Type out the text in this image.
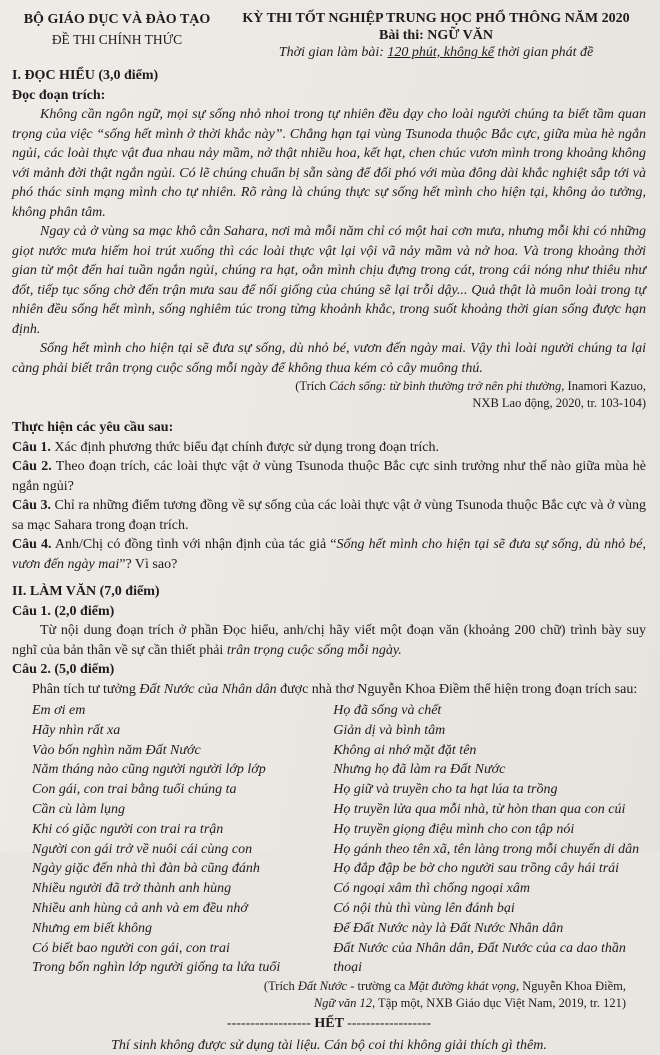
BỘ GIÁO DỤC VÀ ĐÀO TẠO
ĐỀ THI CHÍNH THỨC
KỲ THI TỐT NGHIỆP TRUNG HỌC PHỔ THÔNG NĂM 2020
Bài thi: NGỮ VĂN
Thời gian làm bài: 120 phút, không kể thời gian phát đề
I. ĐỌC HIỂU (3,0 điểm)
Đọc đoạn trích:

Không cần ngôn ngữ, mọi sự sống nhỏ nhoi trong tự nhiên đều dạy cho loài người chúng ta biết tầm quan trọng của việc “sống hết mình ở thời khắc này”. Chẳng hạn tại vùng Tsunoda thuộc Bắc cực, giữa mùa hè ngắn ngủi, các loài thực vật đua nhau nảy mầm, nở thật nhiều hoa, kết hạt, chen chúc vươn mình trong khoảng không với mảnh đời thật ngắn ngủi. Có lẽ chúng chuẩn bị sẵn sàng để đối phó với mùa đông dài khắc nghiệt sắp tới và phó thác sinh mạng mình cho tự nhiên. Rõ ràng là chúng thực sự sống hết mình cho hiện tại, không ảo tưởng, không phân tâm.

Ngay cả ở vùng sa mạc khô cằn Sahara, nơi mà mỗi năm chỉ có một hai cơn mưa, nhưng mỗi khi có những giọt nước mưa hiếm hoi trút xuống thì các loài thực vật lại vội vã nảy mầm và nở hoa. Và trong khoảng thời gian từ một đến hai tuần ngắn ngủi, chúng ra hạt, oằn mình chịu đựng trong cát, trong cái nóng như thiêu như đốt, tiếp tục sống chờ đến trận mưa sau để nối giống của chúng sẽ lại trỗi dậy... Quả thật là muôn loài trong tự nhiên đều sống hết mình, sống nghiêm túc trong từng khoảnh khắc, trong suốt khoảng thời gian sống được hạn định.

Sống hết mình cho hiện tại sẽ đưa sự sống, dù nhỏ bé, vươn đến ngày mai. Vậy thì loài người chúng ta lại càng phải biết trân trọng cuộc sống mỗi ngày để không thua kém cỏ cây muông thú.

(Trích Cách sống: từ bình thường trở nên phi thường, Inamori Kazuo,
NXB Lao động, 2020, tr. 103-104)

Thực hiện các yêu cầu sau:

Câu 1. Xác định phương thức biểu đạt chính được sử dụng trong đoạn trích.

Câu 2. Theo đoạn trích, các loài thực vật ở vùng Tsunoda thuộc Bắc cực sinh trưởng như thế nào giữa mùa hè ngắn ngủi?

Câu 3. Chỉ ra những điểm tương đồng về sự sống của các loài thực vật ở vùng Tsunoda thuộc Bắc cực và ở vùng sa mạc Sahara trong đoạn trích.

Câu 4. Anh/Chị có đồng tình với nhận định của tác giả “Sống hết mình cho hiện tại sẽ đưa sự sống, dù nhỏ bé, vươn đến ngày mai”? Vì sao?

II. LÀM VĂN (7,0 điểm)
Câu 1. (2,0 điểm)

Từ nội dung đoạn trích ở phần Đọc hiểu, anh/chị hãy viết một đoạn văn (khoảng 200 chữ) trình bày suy nghĩ của bản thân về sự cần thiết phải trân trọng cuộc sống mỗi ngày.

Câu 2. (5,0 điểm)

Phân tích tư tưởng Đất Nước của Nhân dân được nhà thơ Nguyễn Khoa Điềm thể hiện trong đoạn trích sau:

Em ơi em
Hãy nhìn rất xa
Vào bốn nghìn năm Đất Nước
Năm tháng nào cũng người người lớp lớp
Con gái, con trai bằng tuổi chúng ta
Cần cù làm lụng
Khi có giặc người con trai ra trận
Người con gái trở về nuôi cái cùng con
Ngày giặc đến nhà thì đàn bà cũng đánh
Nhiều người đã trở thành anh hùng
Nhiều anh hùng cả anh và em đều nhớ
Nhưng em biết không
Có biết bao người con gái, con trai
Trong bốn nghìn lớp người giống ta lứa tuổi
Họ đã sống và chết
Giản dị và bình tâm
Không ai nhớ mặt đặt tên
Nhưng họ đã làm ra Đất Nước
Họ giữ và truyền cho ta hạt lúa ta trồng
Họ truyền lửa qua mỗi nhà, từ hòn than qua con cúi
Họ truyền giọng điệu mình cho con tập nói
Họ gánh theo tên xã, tên làng trong mỗi chuyến di dân
Họ đắp đập be bờ cho người sau trồng cây hái trái
Có ngoại xâm thì chống ngoại xâm
Có nội thù thì vùng lên đánh bại
Để Đất Nước này là Đất Nước Nhân dân
Đất Nước của Nhân dân, Đất Nước của ca dao thần thoại

(Trích Đất Nước - trường ca Mặt đường khát vọng, Nguyễn Khoa Điềm,
Ngữ văn 12, Tập một, NXB Giáo dục Việt Nam, 2019, tr. 121)

------------------ HẾT ------------------
Thí sinh không được sử dụng tài liệu. Cán bộ coi thi không giải thích gì thêm.
